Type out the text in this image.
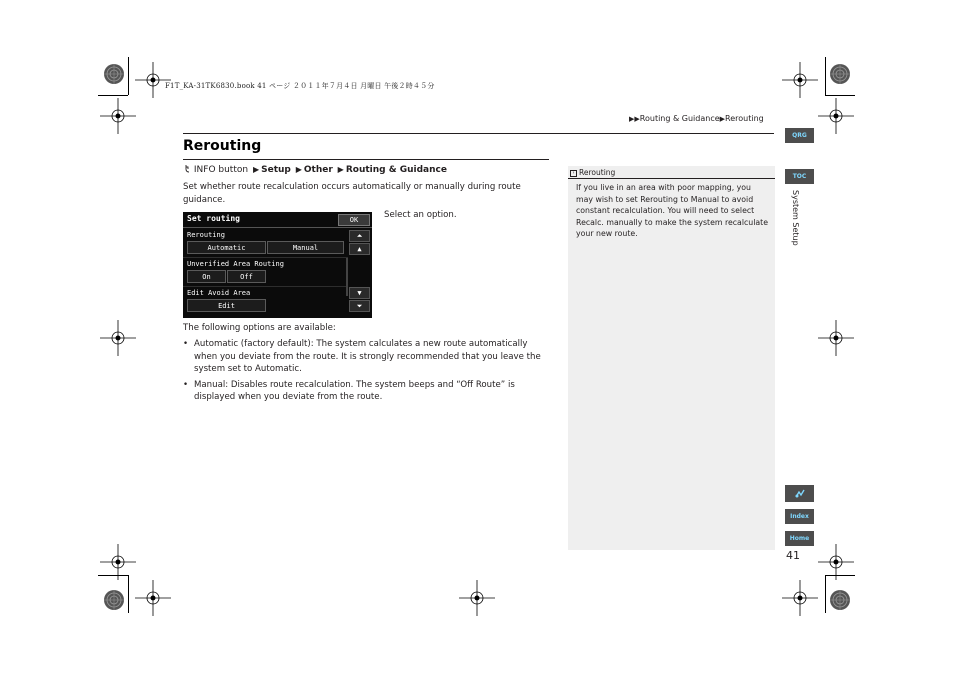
F1T_KA-31TK6830.book 41 ページ ２０１１年７月４日 月曜日 午後２時４５分
▶▶Routing & Guidance▶Rerouting
QRG
TOC
System Setup
Index
Home
41
Rerouting
INFO button ▶ Setup ▶ Other ▶ Routing & Guidance

Set whether route recalculation occurs automatically or manually during route guidance.

Set routing	OK
Rerouting
Automatic	Manual
Unverified Area Routing
On	Off
Edit Avoid Area
Edit
⏶
▲
▼
⏷
Select an option.

The following options are available:

• Automatic (factory default): The system calculates a new route automatically when you deviate from the route. It is strongly recommended that you leave the system set to Automatic.
• Manual: Disables route recalculation. The system beeps and “Off Route” is displayed when you deviate from the route.
› Rerouting

If you live in an area with poor mapping, you may wish to set Rerouting to Manual to avoid constant recalculation. You will need to select Recalc. manually to make the system recalculate your new route.
